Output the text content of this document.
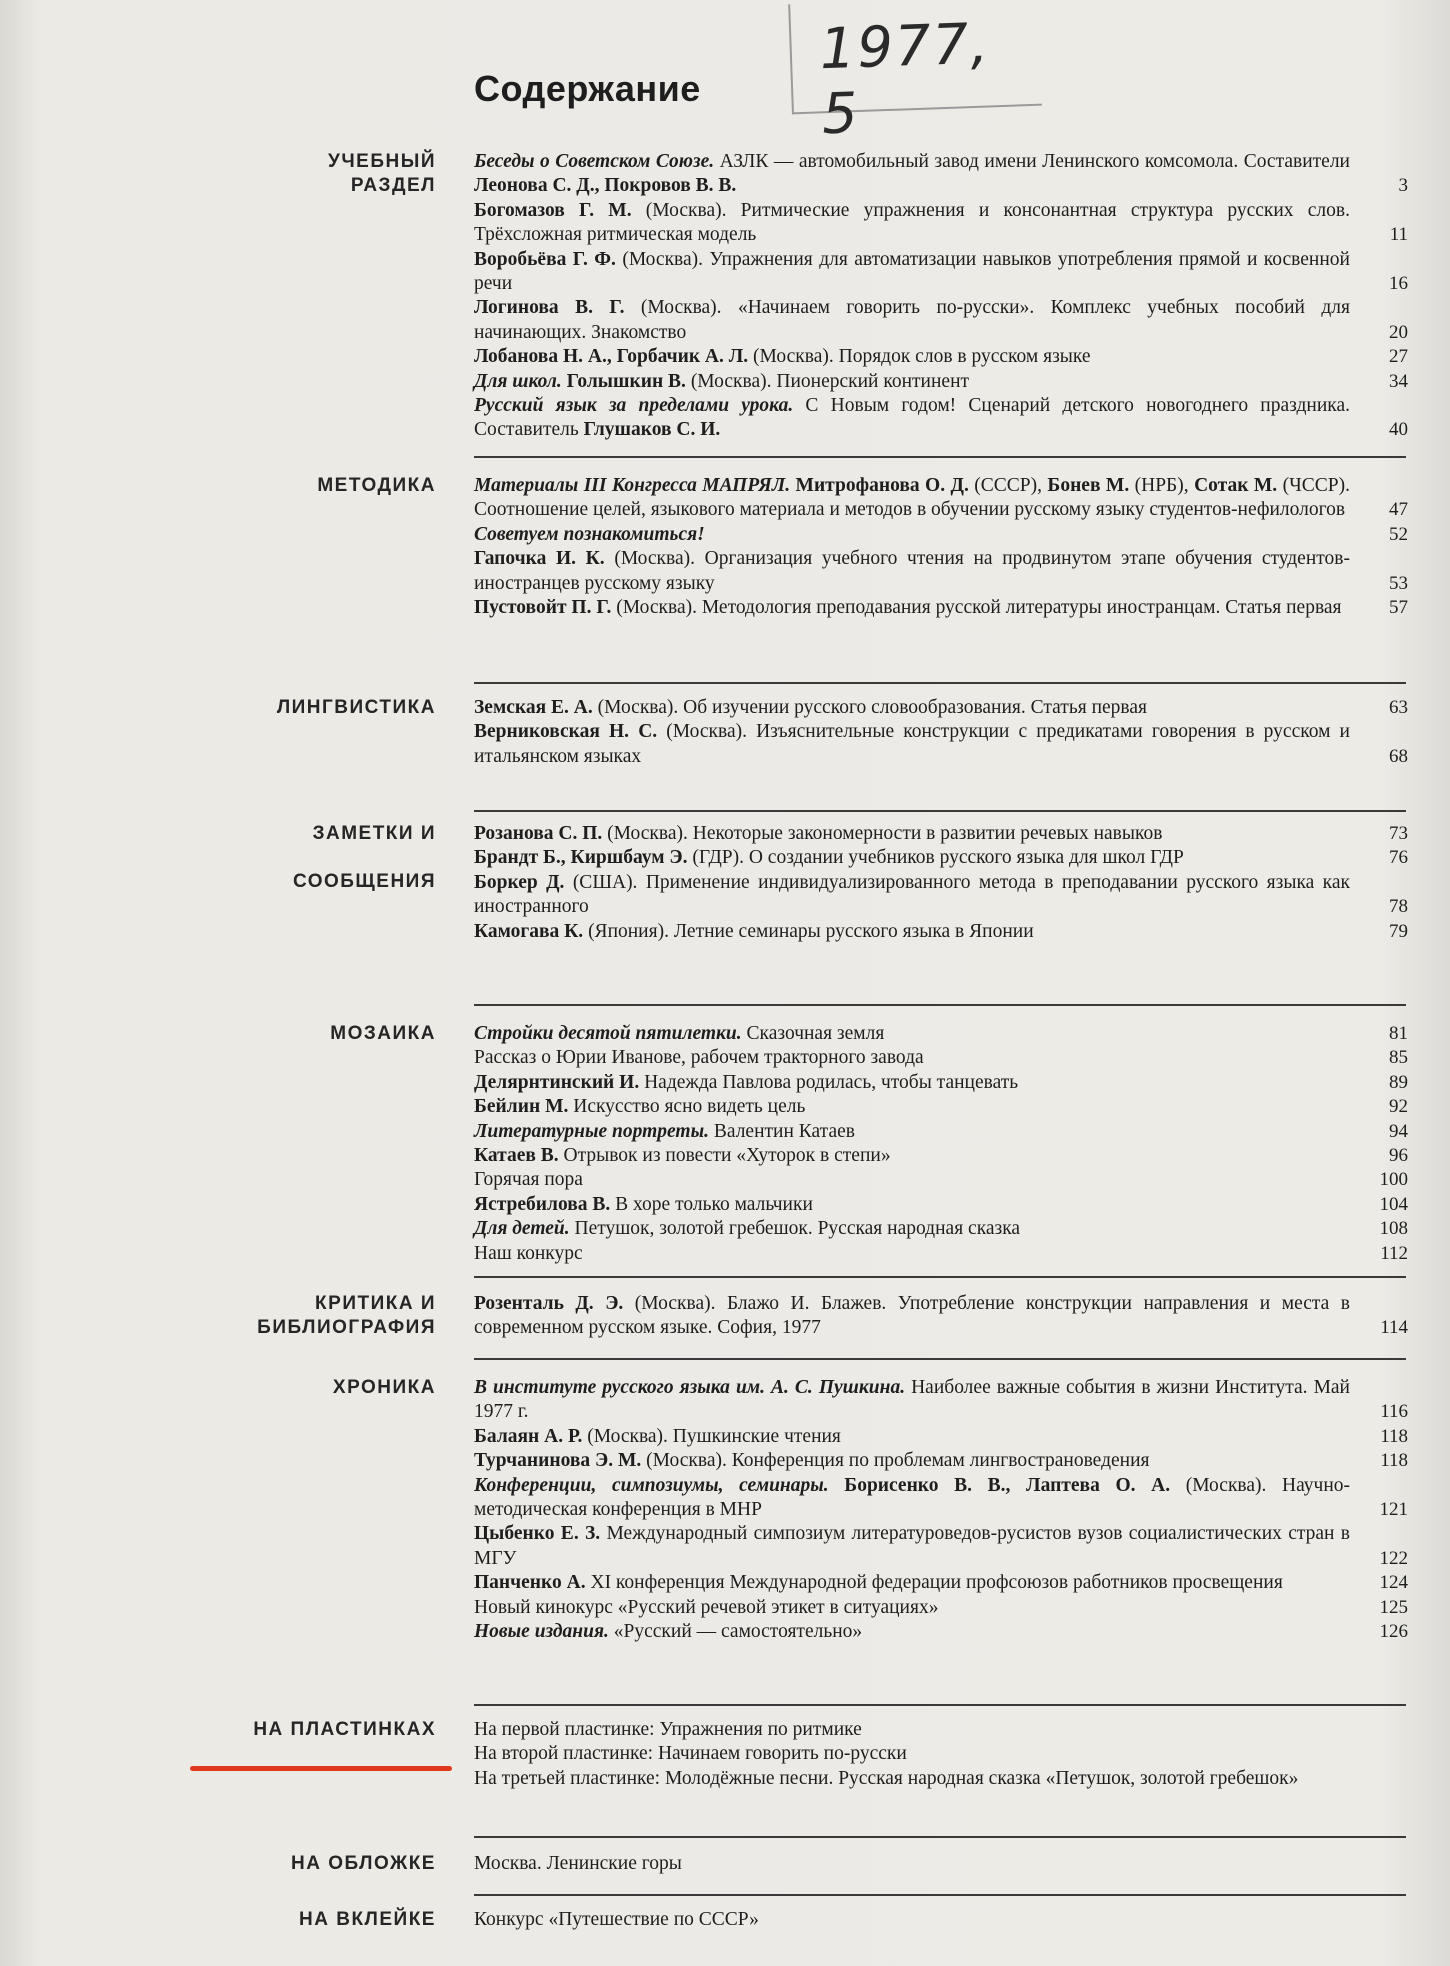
1977, 5
Содержание
УЧЕБНЫЙ
РАЗДЕЛ
Беседы о Советском Союзе. АЗЛК — автомобильный завод имени Ленинского комсомола. Составители Леонова С. Д., Покровов В. В.	3
Богомазов Г. М. (Москва). Ритмические упражнения и консонантная структура русских слов. Трёхсложная ритмическая модель	11
Воробьёва Г. Ф. (Москва). Упражнения для автоматизации навыков употребления прямой и косвенной речи	16
Логинова В. Г. (Москва). «Начинаем говорить по-русски». Комплекс учебных пособий для начинающих. Знакомство	20
Лобанова Н. А., Горбачик А. Л. (Москва). Порядок слов в русском языке	27
Для школ. Голышкин В. (Москва). Пионерский континент	34
Русский язык за пределами урока. С Новым годом! Сценарий детского новогоднего праздника. Составитель Глушаков С. И.	40
МЕТОДИКА Материалы III Конгресса МАПРЯЛ. Митрофанова О. Д. (СССР), Бонев М. (НРБ), Сотак М. (ЧССР). Соотношение целей, языкового материала и методов в обучении русскому языку студентов-нефилологов	47
Советуем познакомиться!	52
Гапочка И. К. (Москва). Организация учебного чтения на продвинутом этапе обучения студентов-иностранцев русскому языку	53
Пустовойт П. Г. (Москва). Методология преподавания русской литературы иностранцам. Статья первая	57
ЛИНГВИСТИКА Земская Е. А. (Москва). Об изучении русского словообразования. Статья первая	63
Верниковская Н. С. (Москва). Изъяснительные конструкции с предикатами говорения в русском и итальянском языках	68
ЗАМЕТКИ И

СООБЩЕНИЯ
Розанова С. П. (Москва). Некоторые закономерности в развитии речевых навыков	73
Брандт Б., Киршбаум Э. (ГДР). О создании учебников русского языка для школ ГДР	76
Боркер Д. (США). Применение индивидуализированного метода в преподавании русского языка как иностранного	78
Камогава К. (Япония). Летние семинары русского языка в Японии	79
МОЗАИКА Стройки десятой пятилетки. Сказочная земля	81
Рассказ о Юрии Иванове, рабочем тракторного завода	85
Делярнтинский И. Надежда Павлова родилась, чтобы танцевать	89
Бейлин М. Искусство ясно видеть цель	92
Литературные портреты. Валентин Катаев	94
Катаев В. Отрывок из повести «Хуторок в степи»	96
Горячая пора	100
Ястребилова В. В хоре только мальчики	104
Для детей. Петушок, золотой гребешок. Русская народная сказка	108
Наш конкурс	112
КРИТИКА И
БИБЛИОГРАФИЯ
Розенталь Д. Э. (Москва). Блажо И. Блажев. Употребление конструкции направления и места в современном русском языке. София, 1977	114
ХРОНИКА В институте русского языка им. А. С. Пушкина. Наиболее важные события в жизни Института. Май 1977 г.	116
Балаян А. Р. (Москва). Пушкинские чтения	118
Турчанинова Э. М. (Москва). Конференция по проблемам лингвострановедения	118
Конференции, симпозиумы, семинары. Борисенко В. В., Лаптева О. А. (Москва). Научно-методическая конференция в МНР	121
Цыбенко Е. З. Международный симпозиум литературоведов-русистов вузов социалистических стран в МГУ	122
Панченко А. XI конференция Международной федерации профсоюзов работников просвещения	124
Новый кинокурс «Русский речевой этикет в ситуациях»	125
Новые издания. «Русский — самостоятельно»	126
НА ПЛАСТИНКАХ На первой пластинке: Упражнения по ритмике
На второй пластинке: Начинаем говорить по-русски
На третьей пластинке: Молодёжные песни. Русская народная сказка «Петушок, золотой гребешок»
НА ОБЛОЖКЕ Москва. Ленинские горы
НА ВКЛЕЙКЕ Конкурс «Путешествие по СССР»
